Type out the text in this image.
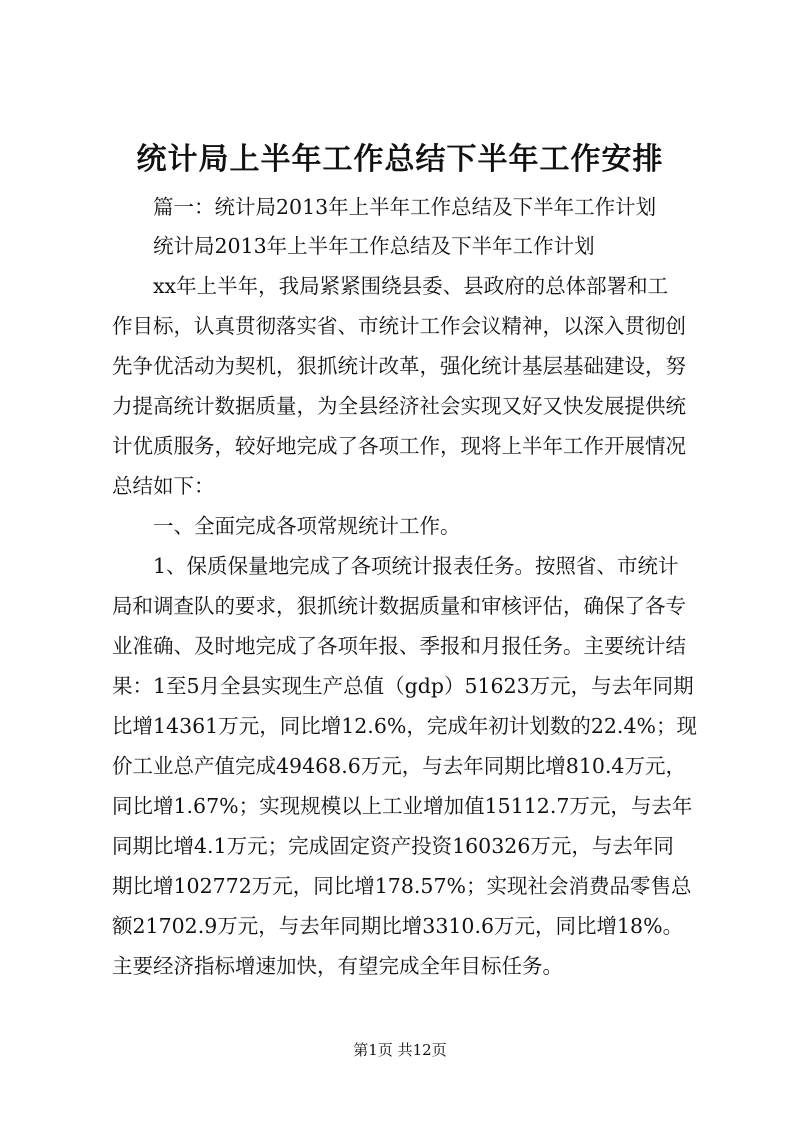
统计局上半年工作总结下半年工作安排
　　篇一：统计局2013年上半年工作总结及下半年工作计划
　　统计局2013年上半年工作总结及下半年工作计划
　　xx年上半年，我局紧紧围绕县委、县政府的总体部署和工
作目标，认真贯彻落实省、市统计工作会议精神，以深入贯彻创
先争优活动为契机，狠抓统计改革，强化统计基层基础建设，努
力提高统计数据质量，为全县经济社会实现又好又快发展提供统
计优质服务，较好地完成了各项工作，现将上半年工作开展情况
总结如下：
　　一、全面完成各项常规统计工作。
　　1、保质保量地完成了各项统计报表任务。按照省、市统计
局和调查队的要求，狠抓统计数据质量和审核评估，确保了各专
业准确、及时地完成了各项年报、季报和月报任务。主要统计结
果：1至5月全县实现生产总值（gdp）51623万元，与去年同期
比增14361万元，同比增12.6%，完成年初计划数的22.4%；现
价工业总产值完成49468.6万元，与去年同期比增810.4万元，
同比增1.67%；实现规模以上工业增加值15112.7万元，与去年
同期比增4.1万元；完成固定资产投资160326万元，与去年同
期比增102772万元，同比增178.57%；实现社会消费品零售总
额21702.9万元，与去年同期比增3310.6万元，同比增18%。
主要经济指标增速加快，有望完成全年目标任务。
第1页 共12页
